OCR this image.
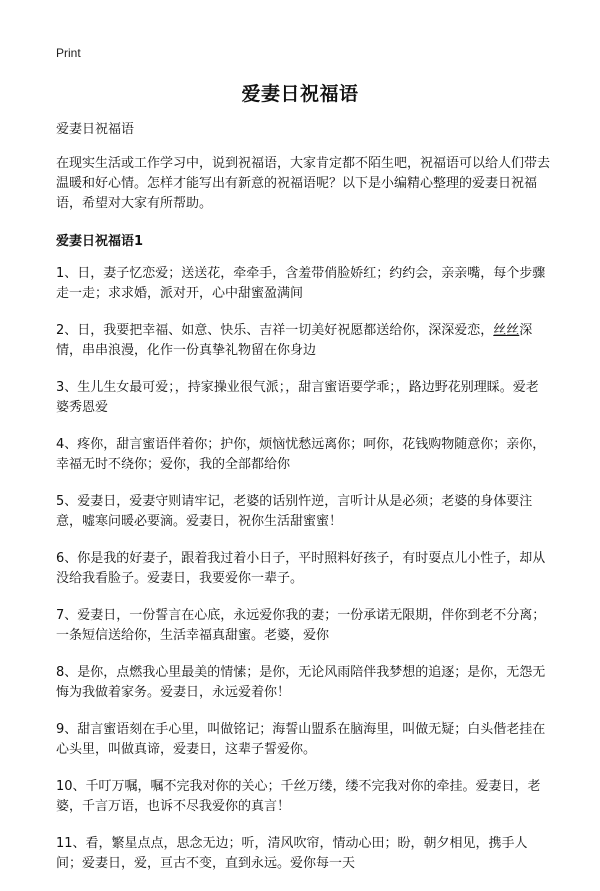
Print
爱妻日祝福语

爱妻日祝福语

在现实生活或工作学习中，说到祝福语，大家肯定都不陌生吧，祝福语可以给人们带去温暖和好心情。怎样才能写出有新意的祝福语呢？以下是小编精心整理的爱妻日祝福语，希望对大家有所帮助。

爱妻日祝福语1

1、日，妻子忆恋爱；送送花，牵牵手，含羞带俏脸娇红；约约会，亲亲嘴，每个步骤走一走；求求婚，派对开，心中甜蜜盈满间

2、日，我要把幸福、如意、快乐、吉祥一切美好祝愿都送给你，深深爱恋，丝丝深情，串串浪漫，化作一份真挚礼物留在你身边

3、生儿生女最可爱；，持家操业很气派；，甜言蜜语要学乖；，路边野花别理睬。爱老婆秀恩爱

4、疼你，甜言蜜语伴着你；护你，烦恼忧愁远离你；呵你，花钱购物随意你；亲你，幸福无时不绕你；爱你，我的全部都给你

5、爱妻日，爱妻守则请牢记，老婆的话别忤逆，言听计从是必须；老婆的身体要注意，嘘寒问暖必要滴。爱妻日，祝你生活甜蜜蜜！

6、你是我的好妻子，跟着我过着小日子，平时照料好孩子，有时耍点儿小性子，却从没给我看脸子。爱妻日，我要爱你一辈子。

7、爱妻日，一份誓言在心底，永远爱你我的妻；一份承诺无限期，伴你到老不分离；一条短信送给你，生活幸福真甜蜜。老婆，爱你

8、是你，点燃我心里最美的情愫；是你，无论风雨陪伴我梦想的追逐；是你，无怨无悔为我做着家务。爱妻日，永远爱着你！

9、甜言蜜语刻在手心里，叫做铭记；海誓山盟系在脑海里，叫做无疑；白头偕老挂在心头里，叫做真谛，爱妻日，这辈子誓爱你。

10、千叮万嘱，嘱不完我对你的关心；千丝万缕，缕不完我对你的牵挂。爱妻日，老婆，千言万语，也诉不尽我爱你的真言！

11、看，繁星点点，思念无边；听，清风吹帘，情动心田；盼，朝夕相见，携手人间；爱妻日，爱，亘古不变，直到永远。爱你每一天
